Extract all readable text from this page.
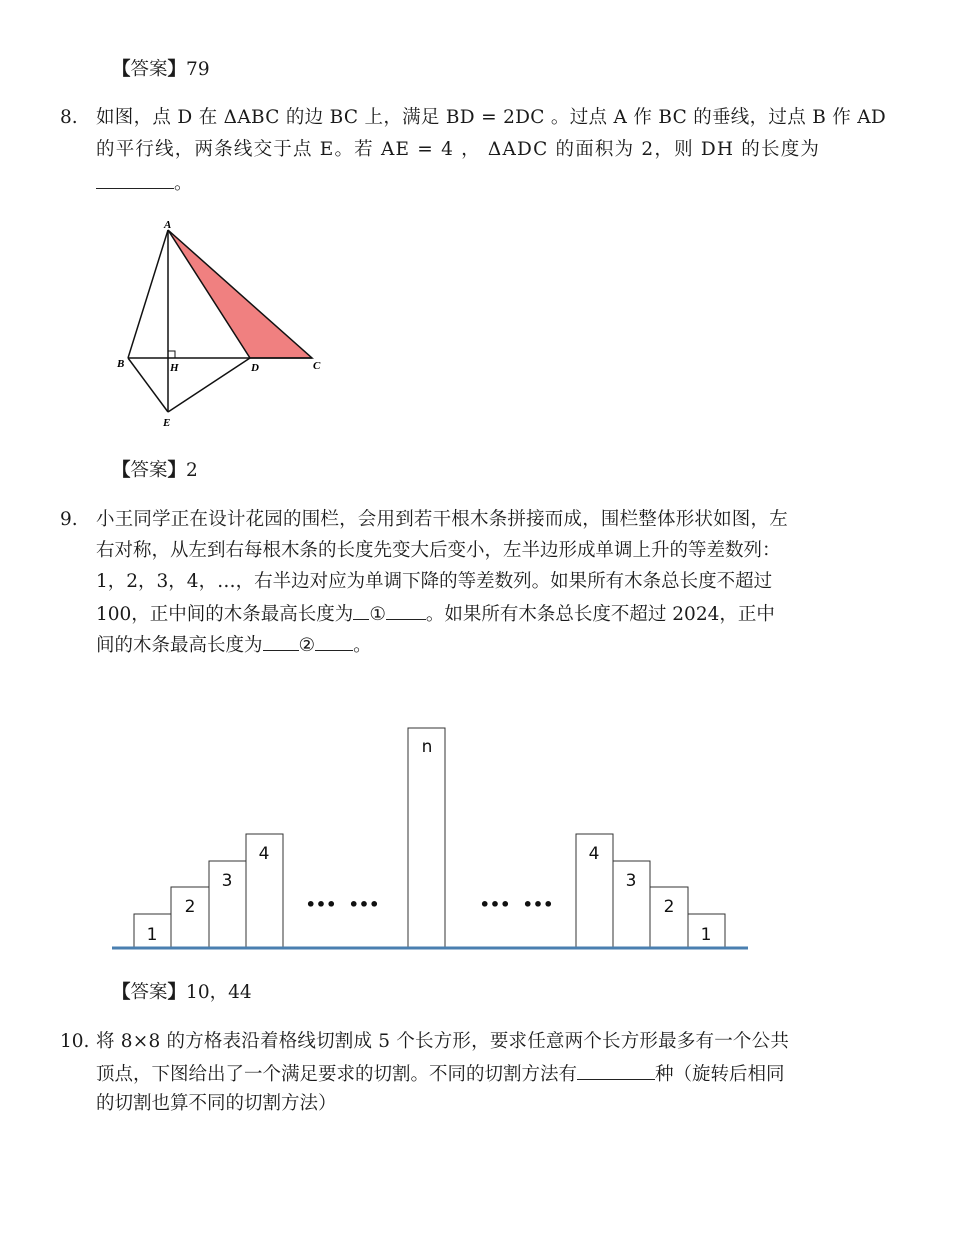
【答案】79
8. 如图，点 D 在 ΔABC 的边 BC 上，满足 BD = 2DC 。过点 A 作 BC 的垂线，过点 B 作 AD
的平行线，两条线交于点 E。若 AE = 4 ， ΔADC 的面积为 2，则 DH 的长度为
。
A
B	H	D	C
E
【答案】2
9. 小王同学正在设计花园的围栏，会用到若干根木条拼接而成，围栏整体形状如图，左
右对称，从左到右每根木条的长度先变大后变小，左半边形成单调上升的等差数列：
1，2，3，4，…，右半边对应为单调下降的等差数列。如果所有木条总长度不超过
100，正中间的木条最高长度为 ① 。如果所有木条总长度不超过 2024，正中
间的木条最高长度为 ② 。
1
2
3
4
n
4
3
2
1
••• •••	••• •••
【答案】10，44
10. 将 8×8 的方格表沿着格线切割成 5 个长方形，要求任意两个长方形最多有一个公共
顶点，下图给出了一个满足要求的切割。不同的切割方法有	种（旋转后相同
的切割也算不同的切割方法）
